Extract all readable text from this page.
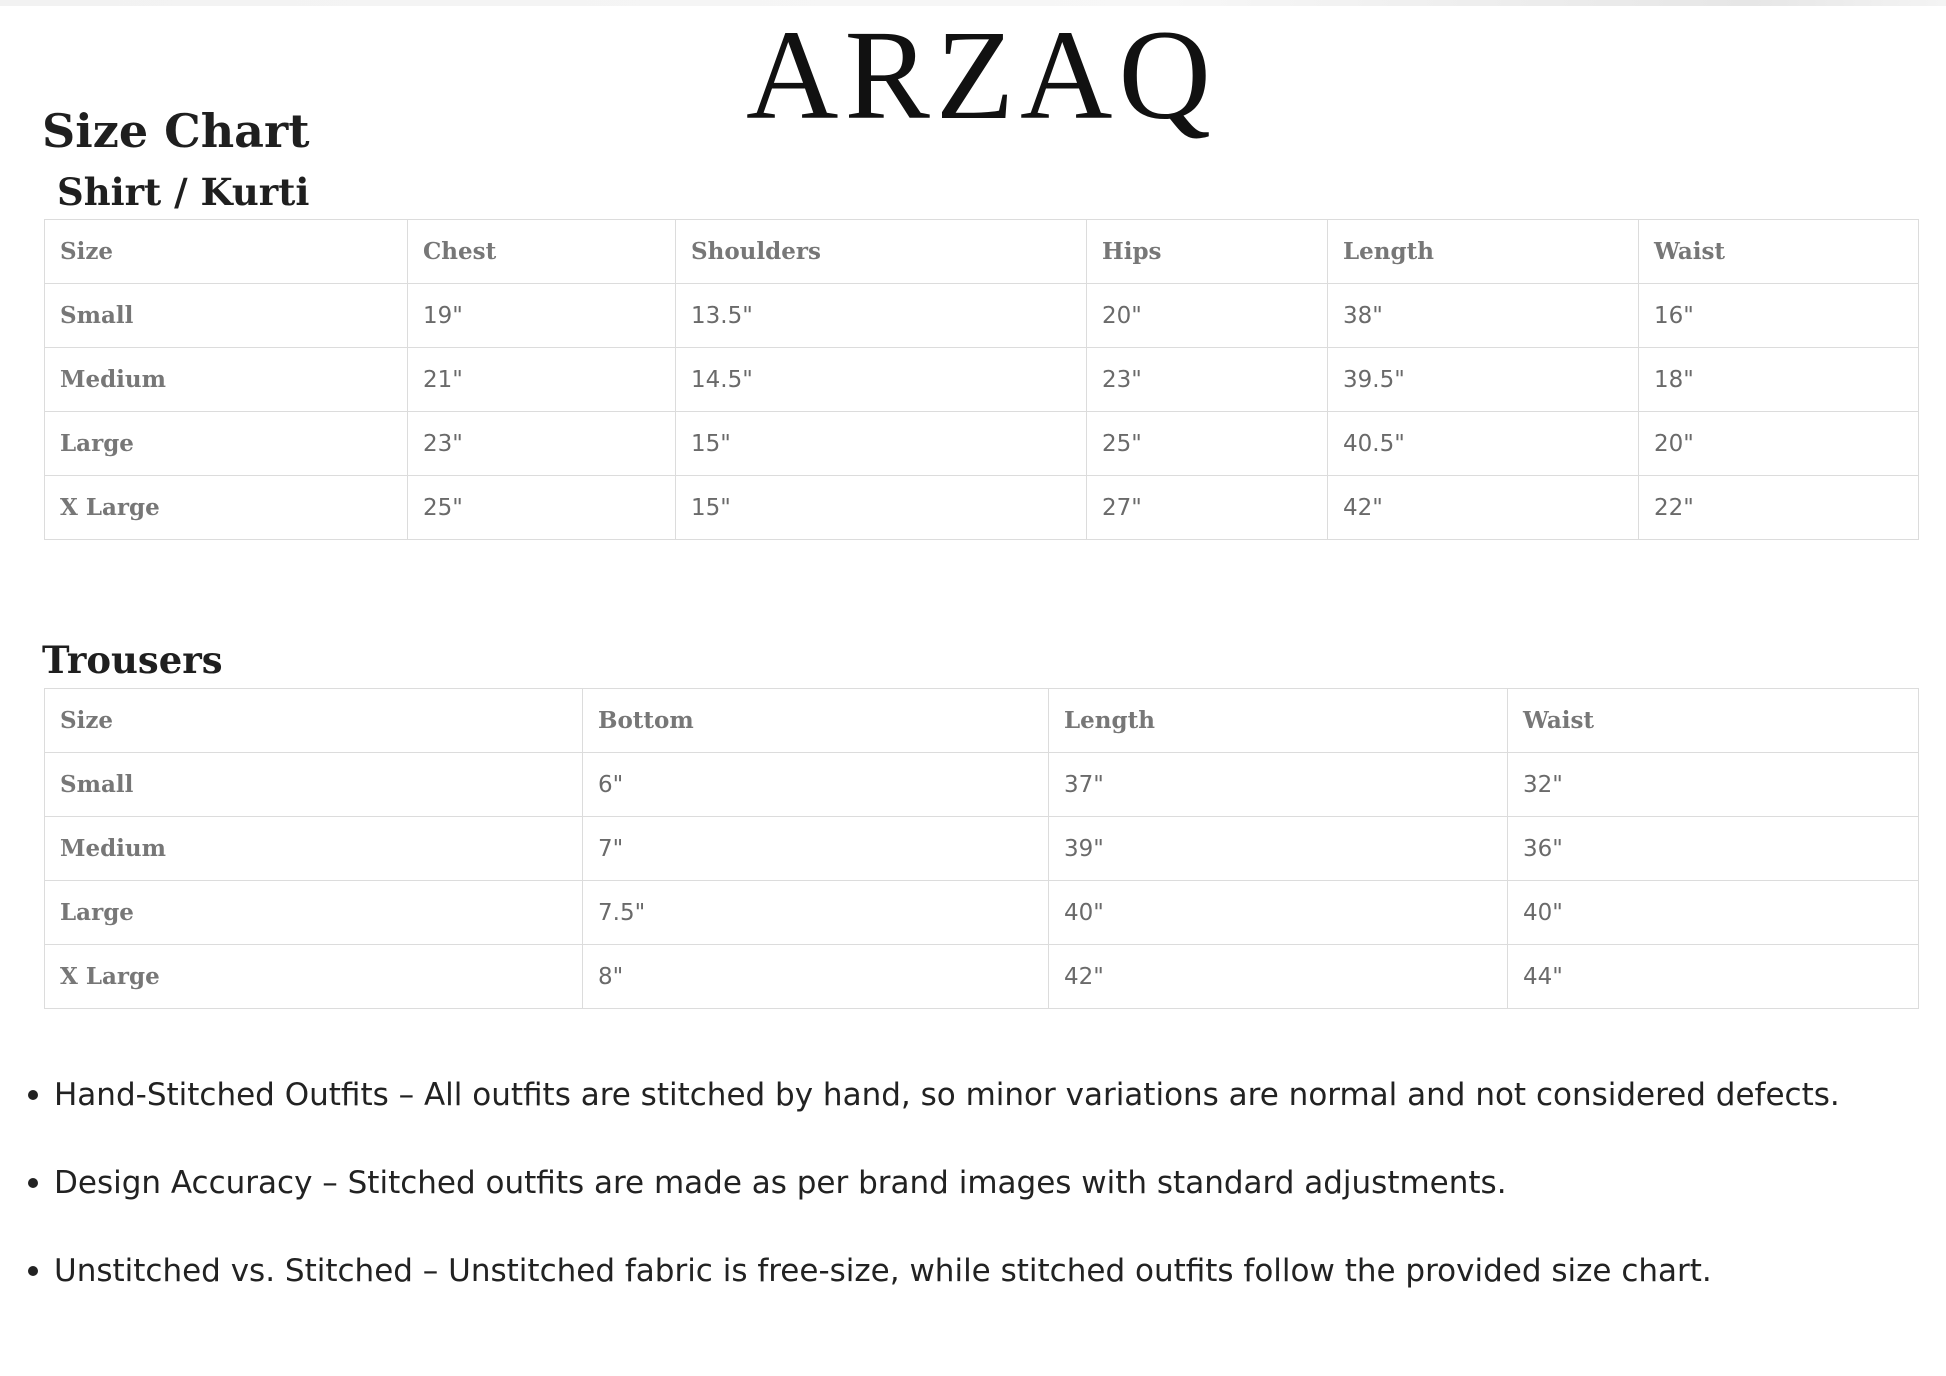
ARZAQ
Size Chart
Shirt / Kurti
Size	Chest	Shoulders	Hips	Length	Waist
Small	19"	13.5"	20"	38"	16"
Medium	21"	14.5"	23"	39.5"	18"
Large	23"	15"	25"	40.5"	20"
X Large	25"	15"	27"	42"	22"
Trousers
Size	Bottom	Length	Waist
Small	6"	37"	32"
Medium	7"	39"	36"
Large	7.5"	40"	40"
X Large	8"	42"	44"
Hand-Stitched Outfits – All outfits are stitched by hand, so minor variations are normal and not considered defects.
Design Accuracy – Stitched outfits are made as per brand images with standard adjustments.
Unstitched vs. Stitched – Unstitched fabric is free-size, while stitched outfits follow the provided size chart.
